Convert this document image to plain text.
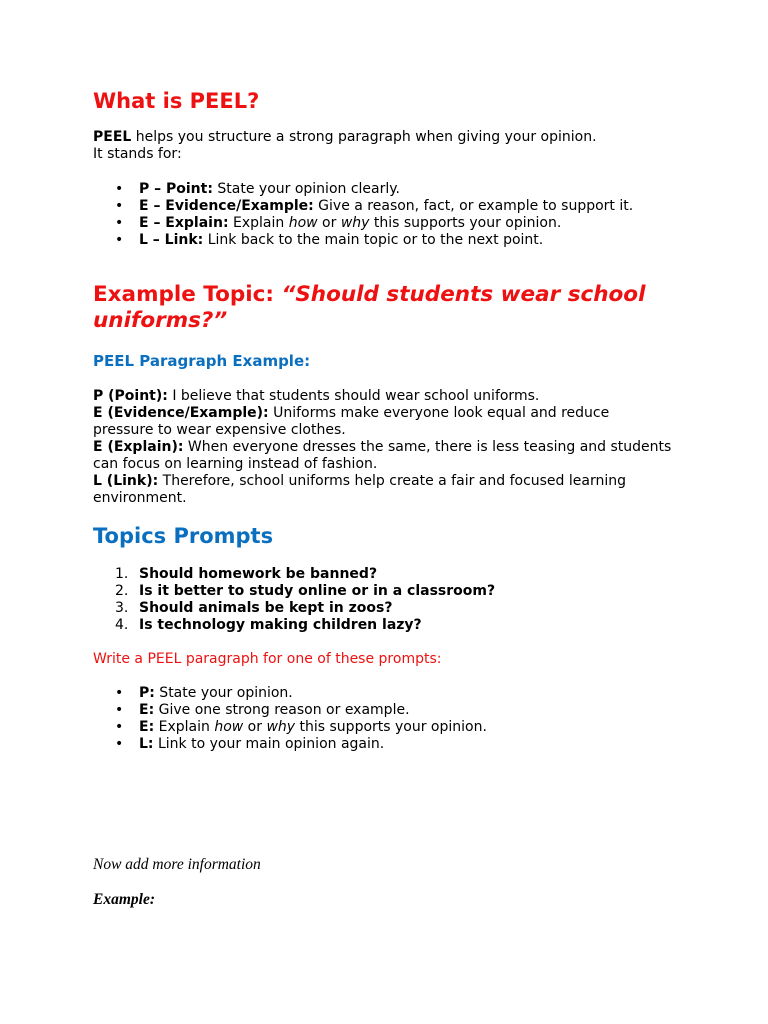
What is PEEL?

PEEL helps you structure a strong paragraph when giving your opinion.
It stands for:

• P – Point: State your opinion clearly.
• E – Evidence/Example: Give a reason, fact, or example to support it.
• E – Explain: Explain how or why this supports your opinion.
• L – Link: Link back to the main topic or to the next point.
Example Topic: “Should students wear school uniforms?”
PEEL Paragraph Example:

P (Point): I believe that students should wear school uniforms.
E (Evidence/Example): Uniforms make everyone look equal and reduce pressure to wear expensive clothes.
E (Explain): When everyone dresses the same, there is less teasing and students can focus on learning instead of fashion.
L (Link): Therefore, school uniforms help create a fair and focused learning environment.

Topics Prompts
1. Should homework be banned?
2. Is it better to study online or in a classroom?
3. Should animals be kept in zoos?
4. Is technology making children lazy?

Write a PEEL paragraph for one of these prompts:

• P: State your opinion.
• E: Give one strong reason or example.
• E: Explain how or why this supports your opinion.
• L: Link to your main opinion again.

Now add more information

Example:
